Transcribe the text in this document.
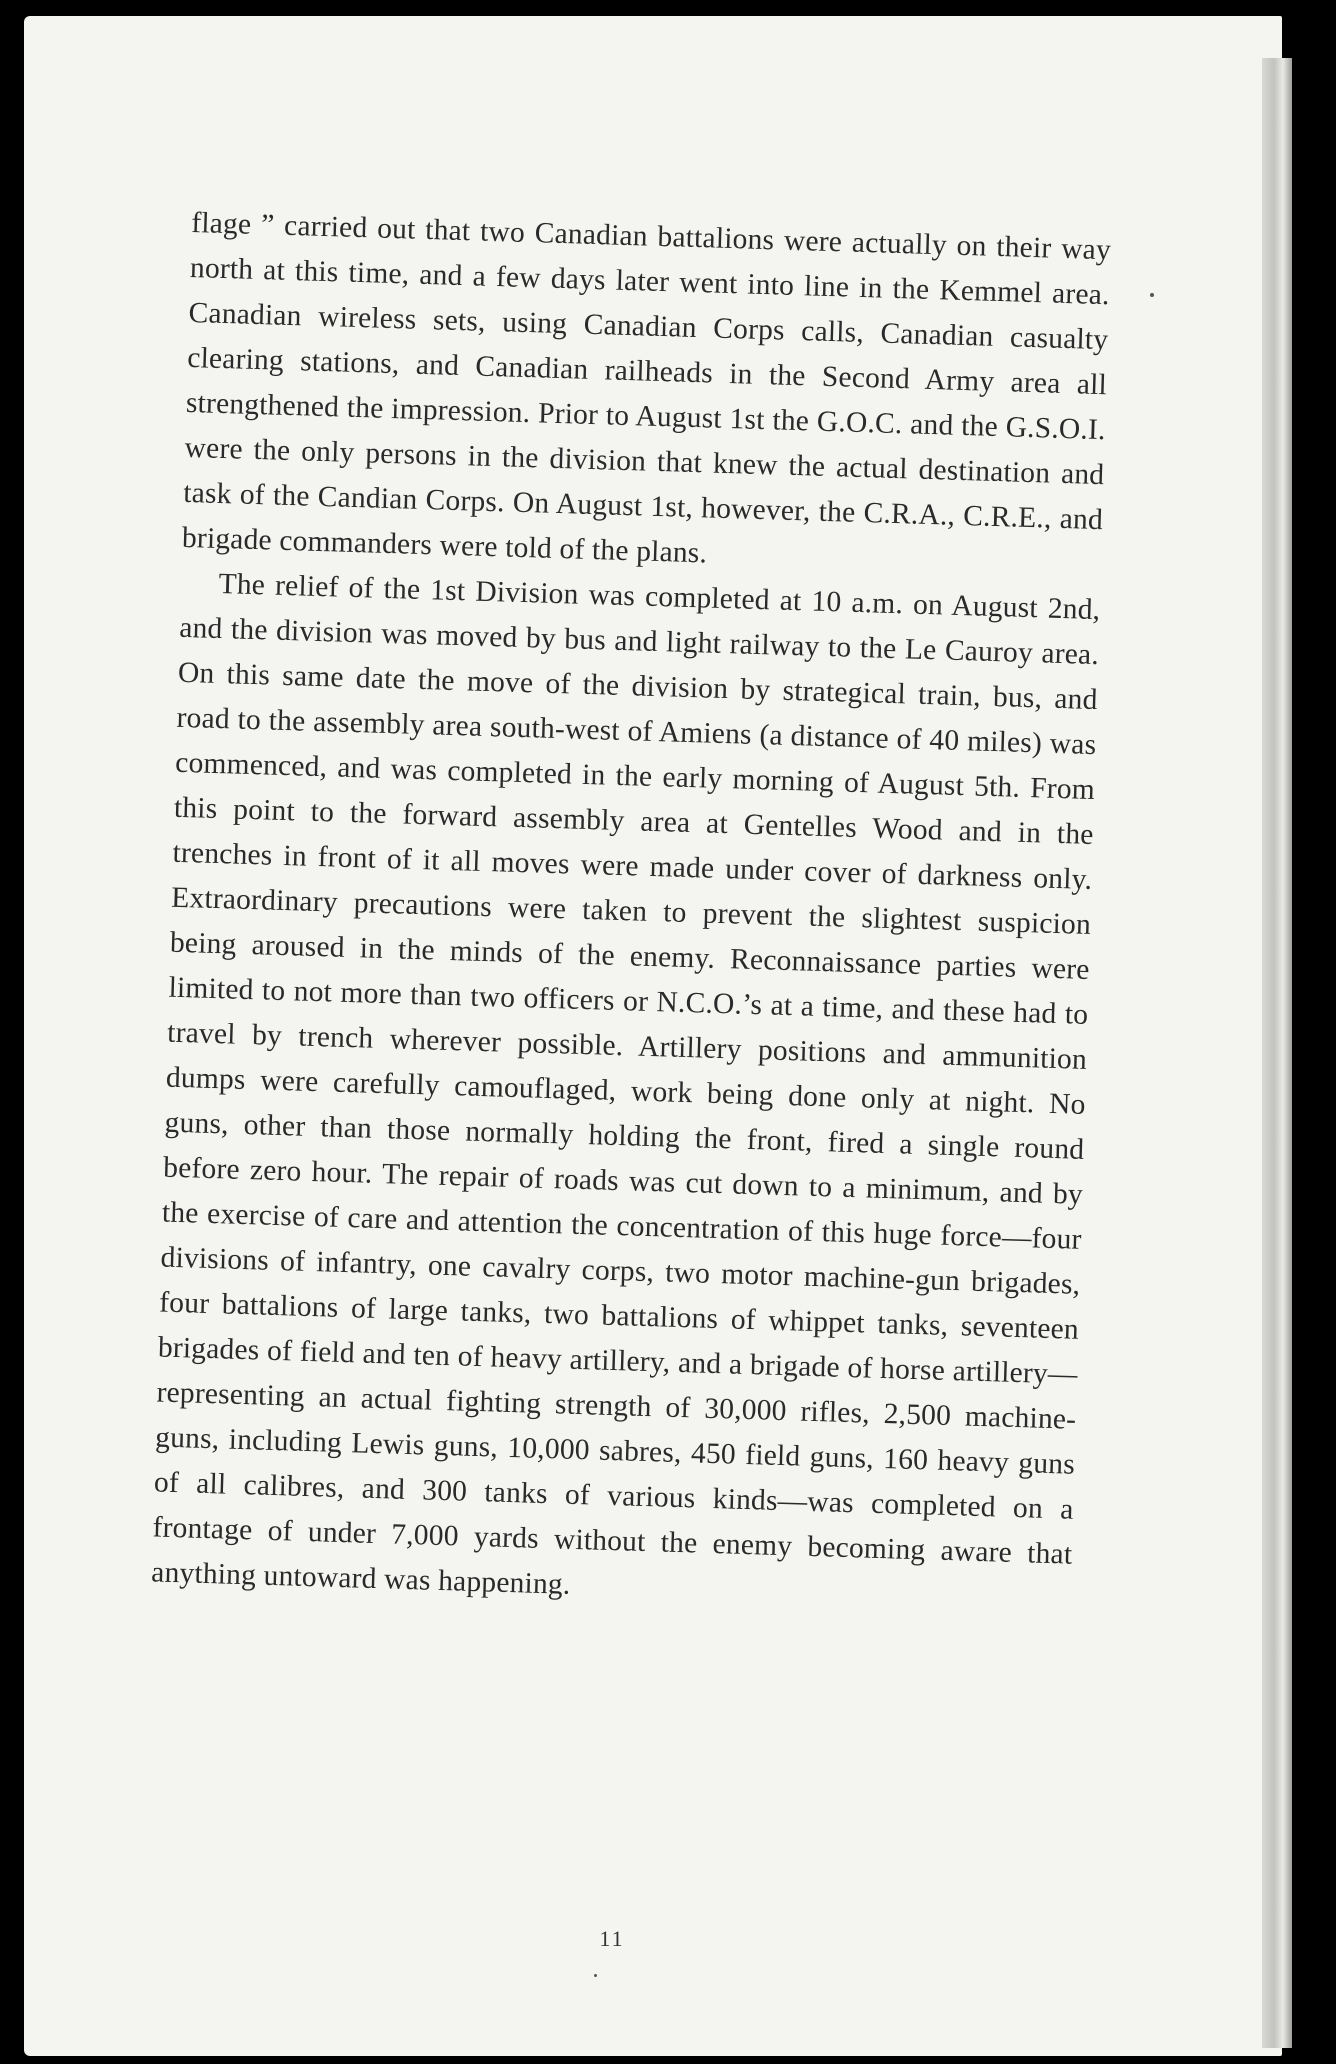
flage ” carried out that two Canadian battalions were actually on their way north at this time, and a few days later went into line in the Kemmel area. Canadian wireless sets, using Canadian Corps calls, Canadian casualty clearing stations, and Canadian railheads in the Second Army area all strengthened the impression. Prior to August 1st the G.O.C. and the G.S.O.I. were the only persons in the division that knew the actual destination and task of the Candian Corps. On August 1st, however, the C.R.A., C.R.E., and brigade commanders were told of the plans.

The relief of the 1st Division was completed at 10 a.m. on August 2nd, and the division was moved by bus and light railway to the Le Cauroy area. On this same date the move of the division by strategical train, bus, and road to the assembly area south-west of Amiens (a distance of 40 miles) was commenced, and was completed in the early morning of August 5th. From this point to the forward assembly area at Gentelles Wood and in the trenches in front of it all moves were made under cover of darkness only. Extraordinary precautions were taken to prevent the slightest suspicion being aroused in the minds of the enemy. Reconnaissance parties were limited to not more than two officers or N.C.O.’s at a time, and these had to travel by trench wherever possible. Artillery positions and ammunition dumps were carefully camouflaged, work being done only at night. No guns, other than those normally holding the front, fired a single round before zero hour. The repair of roads was cut down to a minimum, and by the exercise of care and attention the concentration of this huge force—four divisions of infantry, one cavalry corps, two motor machine-gun brigades, four battalions of large tanks, two battalions of whippet tanks, seventeen brigades of field and ten of heavy artillery, and a brigade of horse artillery—representing an actual fighting strength of 30,000 rifles, 2,500 machine-guns, including Lewis guns, 10,000 sabres, 450 field guns, 160 heavy guns of all calibres, and 300 tanks of various kinds—was completed on a frontage of under 7,000 yards without the enemy becoming aware that anything untoward was happening.

11
